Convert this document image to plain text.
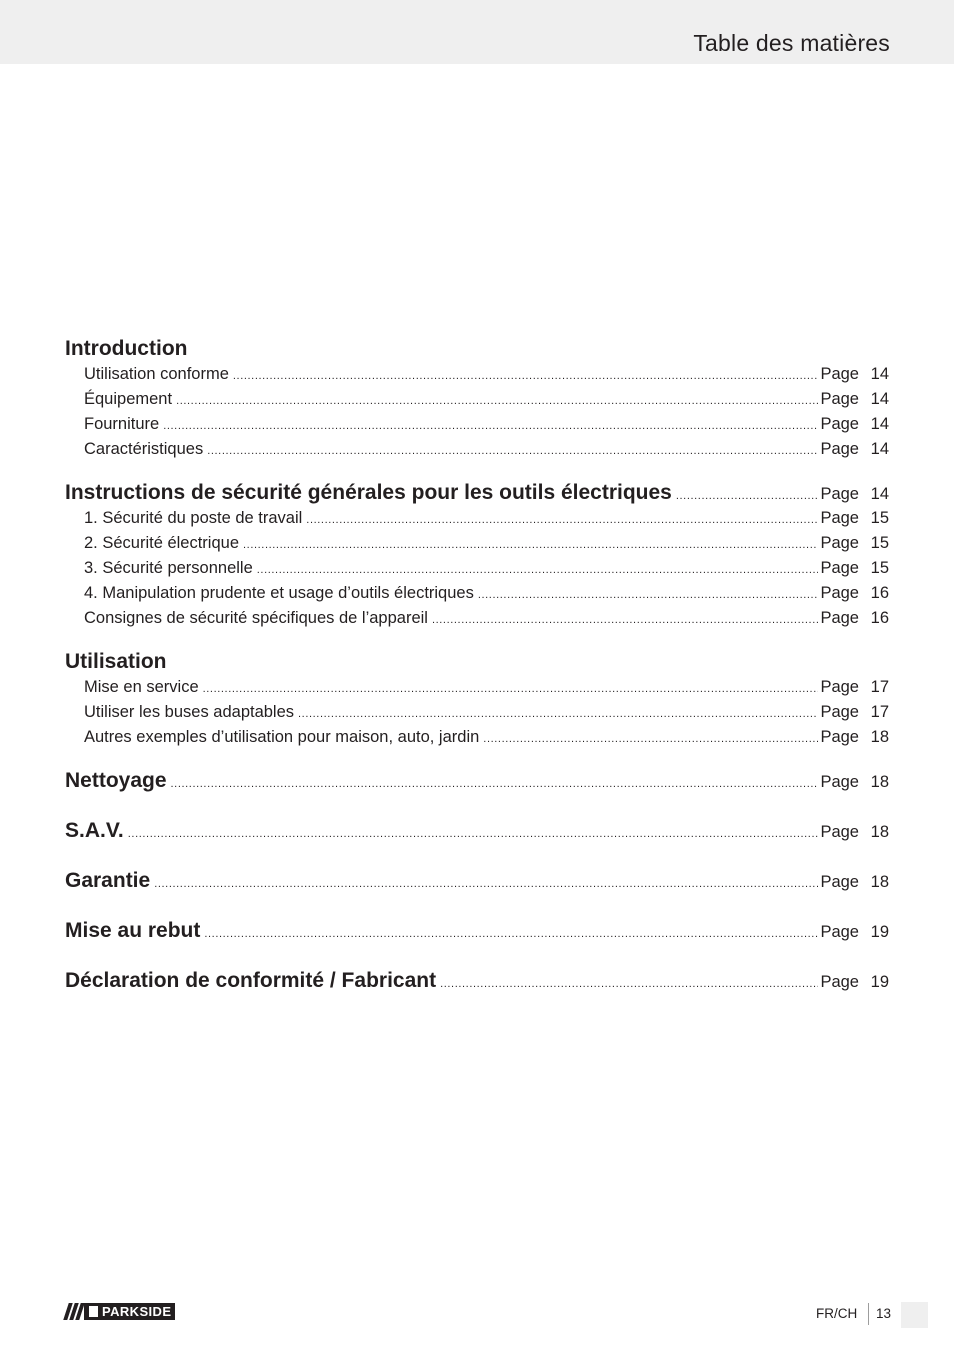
Table des matières
Introduction
Utilisation conforme .....	Page 14
Équipement .....	Page 14
Fourniture .....	Page 14
Caractéristiques .....	Page 14
Instructions de sécurité générales pour les outils électriques .....	Page 14
1. Sécurité du poste de travail .....	Page 15
2. Sécurité électrique .....	Page 15
3. Sécurité personnelle .....	Page 15
4. Manipulation prudente et usage d’outils électriques .....	Page 16
Consignes de sécurité spécifiques de l’appareil .....	Page 16
Utilisation
Mise en service .....	Page 17
Utiliser les buses adaptables .....	Page 17
Autres exemples d’utilisation pour maison, auto, jardin .....	Page 18
Nettoyage .....	Page 18
S.A.V. .....	Page 18
Garantie .....	Page 18
Mise au rebut .....	Page 19
Déclaration de conformité / Fabricant .....	Page 19
PARKSIDE	FR/CH 13
